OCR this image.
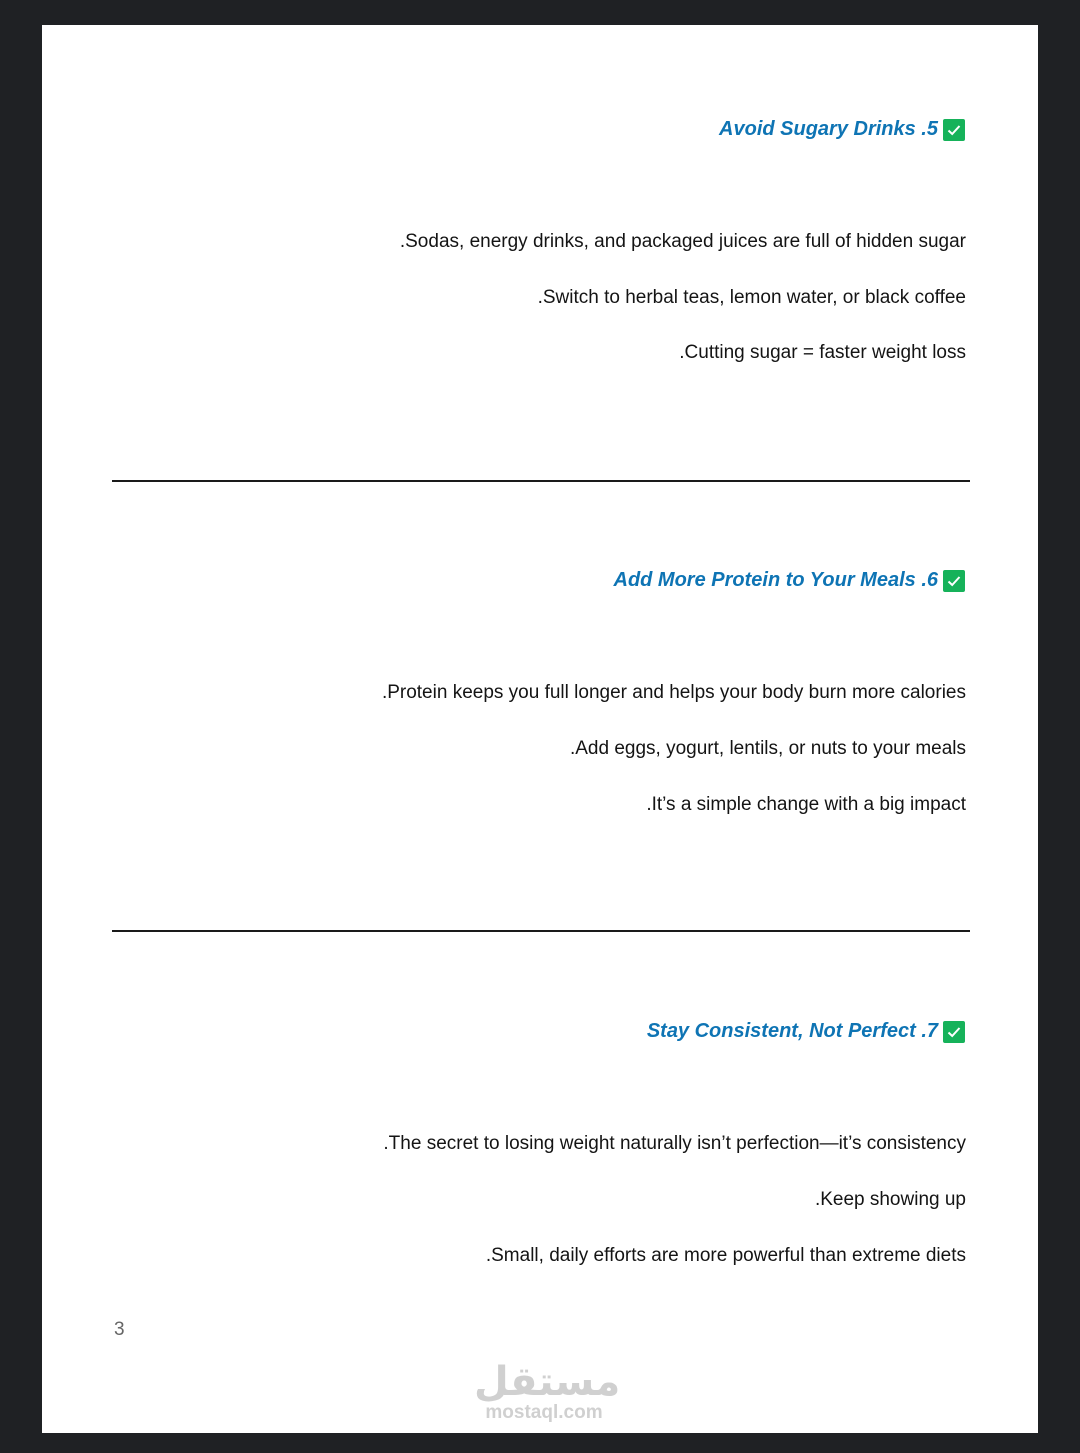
Avoid Sugary Drinks .5
.Sodas, energy drinks, and packaged juices are full of hidden sugar
.Switch to herbal teas, lemon water, or black coffee
.Cutting sugar = faster weight loss
Add More Protein to Your Meals .6
.Protein keeps you full longer and helps your body burn more calories
.Add eggs, yogurt, lentils, or nuts to your meals
.It’s a simple change with a big impact
Stay Consistent, Not Perfect .7
.The secret to losing weight naturally isn’t perfection—it’s consistency
.Keep showing up
.Small, daily efforts are more powerful than extreme diets
3
مستقل
mostaql.com
